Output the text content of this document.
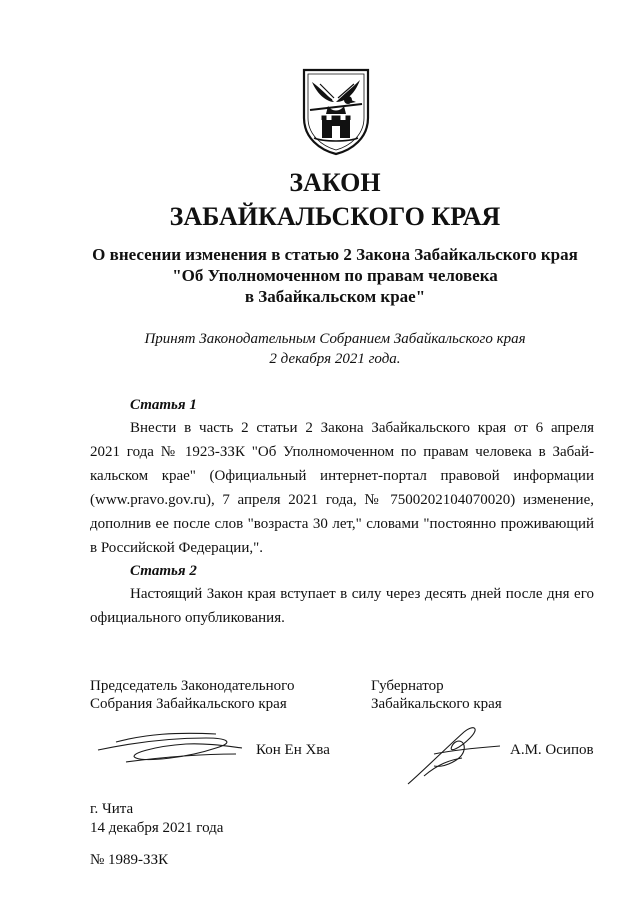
ЗАКОН
ЗАБАЙКАЛЬСКОГО КРАЯ
О внесении изменения в статью 2 Закона Забайкальского края
"Об Уполномоченном по правам человека
в Забайкальском крае"
Принят Законодательным Собранием Забайкальского края
2 декабря 2021 года.
Статья 1
Внести в часть 2 статьи 2 Закона Забайкальского края от 6 апреля
2021 года № 1923-ЗЗК "Об Уполномоченном по правам человека в Забай-
кальском крае" (Официальный интернет-портал правовой информации
(www.pravo.gov.ru), 7 апреля 2021 года, № 7500202104070020) изменение,
дополнив ее после слов "возраста 30 лет," словами "постоянно проживающий
в Российской Федерации,".
Статья 2
Настоящий Закон края вступает в силу через десять дней после дня его
официального опубликования.
Председатель Законодательного
Собрания Забайкальского края
Губернатор
Забайкальского края
Кон Ен Хва	А.М. Осипов
г. Чита
14 декабря 2021 года
№ 1989-ЗЗК
